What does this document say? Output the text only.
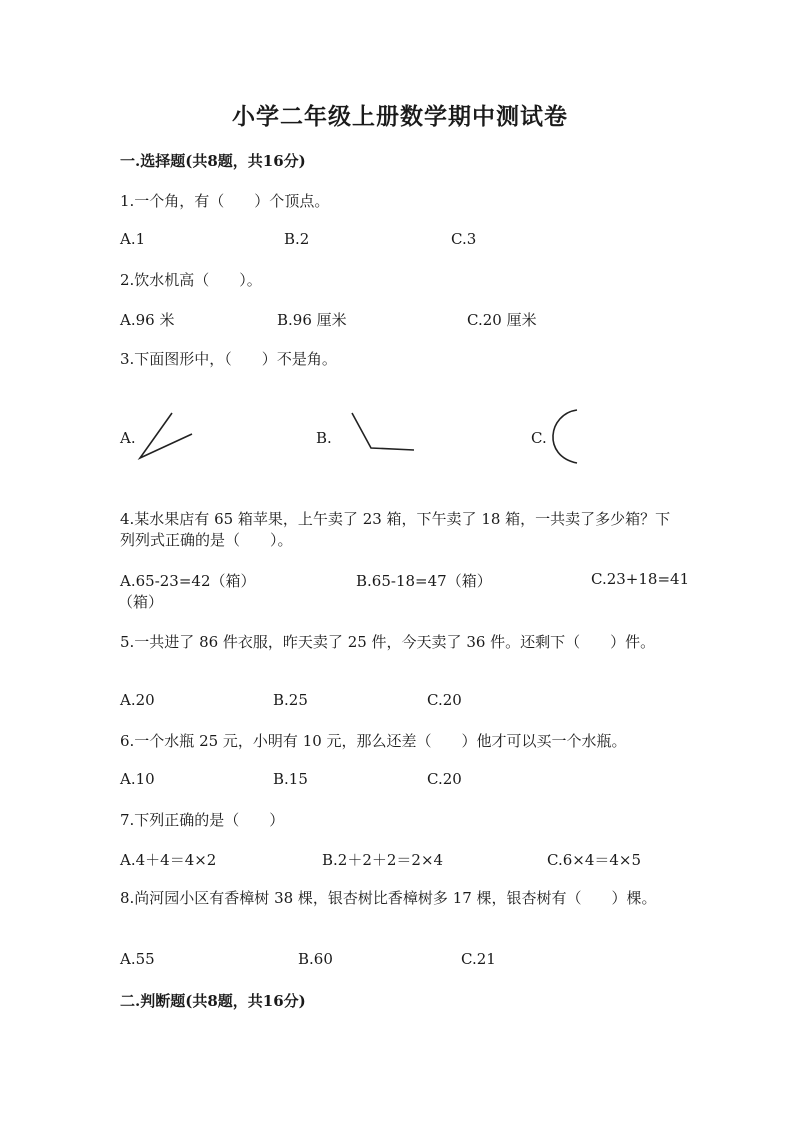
小学二年级上册数学期中测试卷
一.选择题(共8题，共16分)
1.一个角，有（　　）个顶点。
A.1	B.2	C.3
2.饮水机高（　　）。
A.96 米	B.96 厘米	C.20 厘米
3.下面图形中，（　　）不是角。
A.	B.	C.
4.某水果店有 65 箱苹果，上午卖了 23 箱，下午卖了 18 箱，一共卖了多少箱？下列列式正确的是（　　）。
A.65-23=42（箱）	B.65-18=47（箱）	C.23+18=41
（箱）
5.一共进了 86 件衣服，昨天卖了 25 件，今天卖了 36 件。还剩下（　　）件。
A.20	B.25	C.20
6.一个水瓶 25 元，小明有 10 元，那么还差（　　）他才可以买一个水瓶。
A.10	B.15	C.20
7.下列正确的是（　　）
A.4＋4＝4×2	B.2＋2＋2＝2×4	C.6×4＝4×5
8.尚河园小区有香樟树 38 棵，银杏树比香樟树多 17 棵，银杏树有（　　）棵。
A.55	B.60	C.21
二.判断题(共8题，共16分)
